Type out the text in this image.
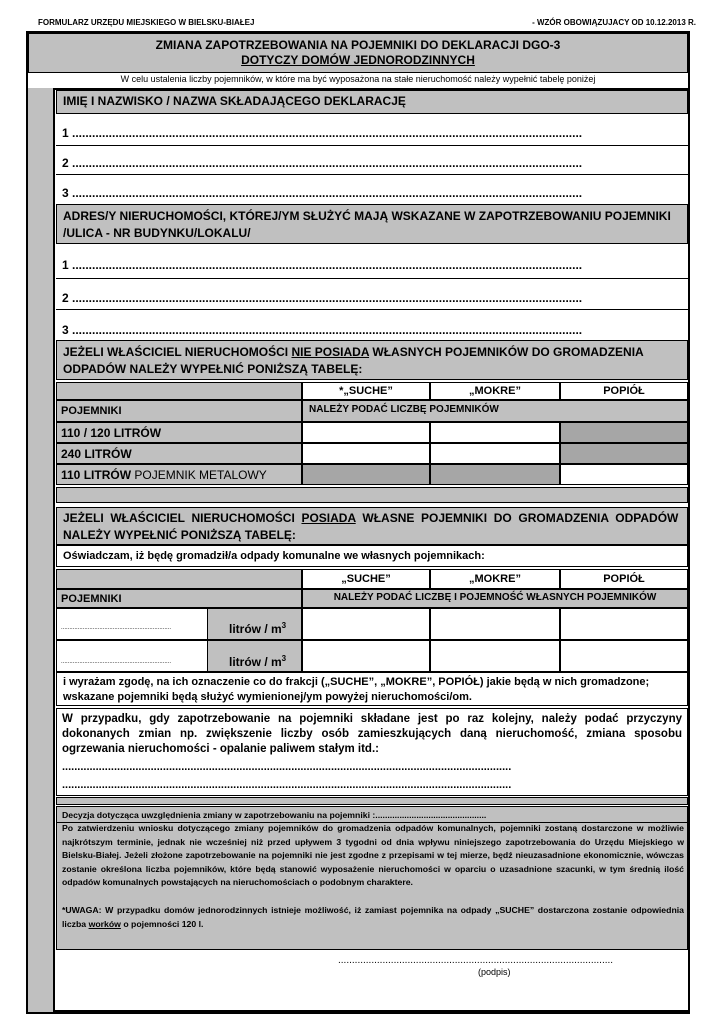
FORMULARZ URZĘDU MIEJSKIEGO W BIELSKU-BIAŁEJ	- WZÓR OBOWIĄZUJACY OD 10.12.2013 R.
ZMIANA ZAPOTRZEBOWANIA NA POJEMNIKI DO DEKLARACJI DGO-3
DOTYCZY DOMÓW JEDNORODZINNYCH
W celu ustalenia liczby pojemników, w które ma być wyposażona na stałe nieruchomość należy wypełnić tabelę poniżej
IMIĘ I NAZWISKO / NAZWA SKŁADAJĄCEGO DEKLARACJĘ
1 .........................................................................................................................................................
2 .........................................................................................................................................................
3 .........................................................................................................................................................
ADRES/Y NIERUCHOMOŚCI, KTÓREJ/YM SŁUŻYĆ MAJĄ WSKAZANE W ZAPOTRZEBOWANIU POJEMNIKI
/ULICA - NR BUDYNKU/LOKALU/
1 .........................................................................................................................................................
2 .........................................................................................................................................................
3 .........................................................................................................................................................
JEŻELI WŁAŚCICIEL NIERUCHOMOŚCI NIE POSIADA WŁASNYCH POJEMNIKÓW DO GROMADZENIA
ODPADÓW NALEŻY WYPEŁNIĆ PONIŻSZĄ TABELĘ:
*„SUCHE”	„MOKRE”	POPIÓŁ
POJEMNIKI	NALEŻY PODAĆ LICZBĘ POJEMNIKÓW
110 / 120 LITRÓW
240 LITRÓW
110 LITRÓW POJEMNIK METALOWY
JEŻELI  WŁAŚCICIEL  NIERUCHOMOŚCI  POSIADA  WŁASNE  POJEMNIKI  DO  GROMADZENIA  ODPADÓW
NALEŻY WYPEŁNIĆ PONIŻSZĄ TABELĘ:
Oświadczam, iż będę gromadził/a odpady komunalne we własnych pojemnikach:
„SUCHE”	„MOKRE”	POPIÓŁ
POJEMNIKI	NALEŻY PODAĆ LICZBĘ I POJEMNOŚĆ WŁASNYCH POJEMNIKÓW
..................................................................	litrów / $m^3$
..................................................................	litrów / $m^3$
i wyrażam zgodę, na ich oznaczenie co do frakcji („SUCHE”, „MOKRE”, POPIÓŁ) jakie będą w nich gromadzone;
wskazane pojemniki będą służyć wymienionej/ym powyżej nieruchomości/om.
W przypadku, gdy zapotrzebowanie na pojemniki składane jest po raz kolejny, należy podać przyczyny dokonanych zmian np. zwiększenie liczby osób zamieszkujących daną nieruchomość, zmiana sposobu ogrzewania nieruchomości - opalanie paliwem stałym itd.:
...................................................................................................................................................
...................................................................................................................................................
Decyzja dotycząca uwzględnienia zmiany w zapotrzebowaniu na pojemniki :..............................................
Po zatwierdzeniu wniosku dotyczącego zmiany pojemników do gromadzenia odpadów komunalnych, pojemniki zostaną dostarczone w możliwie najkrótszym terminie, jednak nie wcześniej niż przed upływem 3 tygodni od dnia wpływu niniejszego zapotrzebowania do Urzędu Miejskiego w Bielsku-Białej. Jeżeli złożone zapotrzebowanie na pojemniki nie jest zgodne z przepisami w tej mierze, będź nieuzasadnione ekonomicznie, wówczas zostanie określona liczba pojemników, które będą stanowić wyposażenie nieruchomości w oparciu o uzasadnione szacunki, w tym średnią ilość odpadów komunalnych powstających na nieruchomościach o podobnym charaktere.
*UWAGA: W przypadku domów jednorodzinnych istnieje możliwość, iż zamiast pojemnika na odpady „SUCHE” dostarczona zostanie odpowiednia liczba worków o pojemności 120 l.
...................................................................................................
(podpis)
